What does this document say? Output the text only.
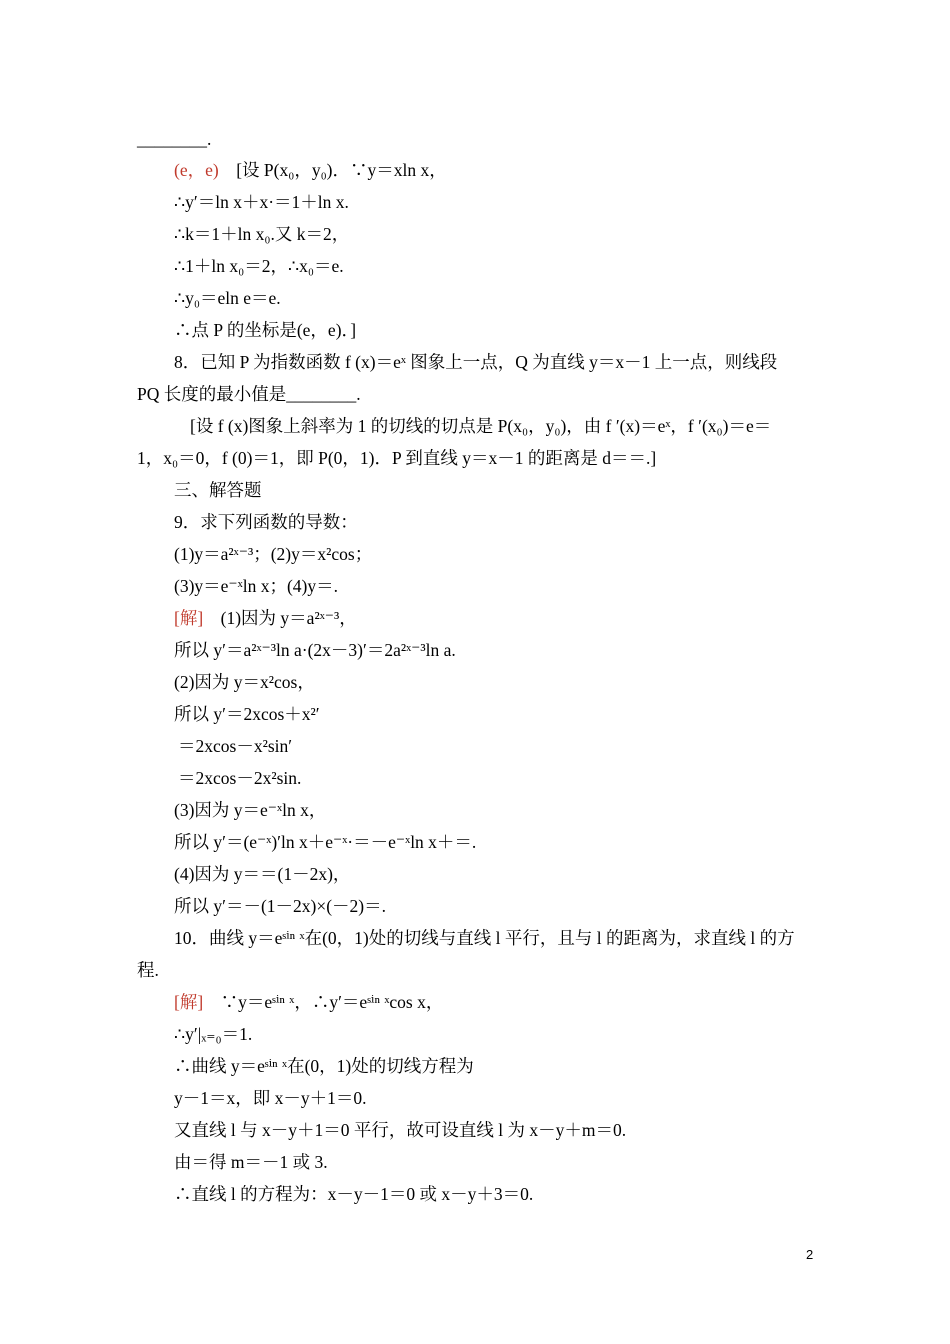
________.
(e，e)　[设 P(x₀，y₀)．∵y＝xln x，
∴y′＝ln x＋x·＝1＋ln x.
∴k＝1＋ln x₀.又 k＝2，
∴1＋ln x₀＝2，∴x₀＝e.
∴y₀＝eln e＝e.
∴点 P 的坐标是(e，e)．]
8．已知 P 为指数函数 f (x)＝eˣ 图象上一点，Q 为直线 y＝x－1 上一点，则线段
PQ 长度的最小值是________.
[设 f (x)图象上斜率为 1 的切线的切点是 P(x₀，y₀)，由 f ′(x)＝eˣ，f ′(x₀)＝e＝
1，x₀＝0，f (0)＝1，即 P(0，1)．P 到直线 y＝x－1 的距离是 d＝＝.]
三、解答题
9．求下列函数的导数：
(1)y＝a²ˣ⁻³；(2)y＝x²cos；
(3)y＝e⁻ˣln x；(4)y＝.
[解]　(1)因为 y＝a²ˣ⁻³，
所以 y′＝a²ˣ⁻³ln a·(2x－3)′＝2a²ˣ⁻³ln a.
(2)因为 y＝x²cos，
所以 y′＝2xcos＋x²′
＝2xcos－x²sin′
＝2xcos－2x²sin.
(3)因为 y＝e⁻ˣln x，
所以 y′＝(e⁻ˣ)′ln x＋e⁻ˣ·＝－e⁻ˣln x＋＝.
(4)因为 y＝＝(1－2x)，
所以 y′＝－(1－2x)×(－2)＝.
10．曲线 y＝eˢⁱⁿ ˣ在(0，1)处的切线与直线 l 平行，且与 l 的距离为，求直线 l 的方
程.
[解]　∵y＝eˢⁱⁿ ˣ，∴y′＝eˢⁱⁿ ˣcos x，
∴y′|ₓ₌₀＝1.
∴曲线 y＝eˢⁱⁿ ˣ在(0，1)处的切线方程为
y－1＝x，即 x－y＋1＝0.
又直线 l 与 x－y＋1＝0 平行，故可设直线 l 为 x－y＋m＝0.
由＝得 m＝－1 或 3.
∴直线 l 的方程为：x－y－1＝0 或 x－y＋3＝0.
2
